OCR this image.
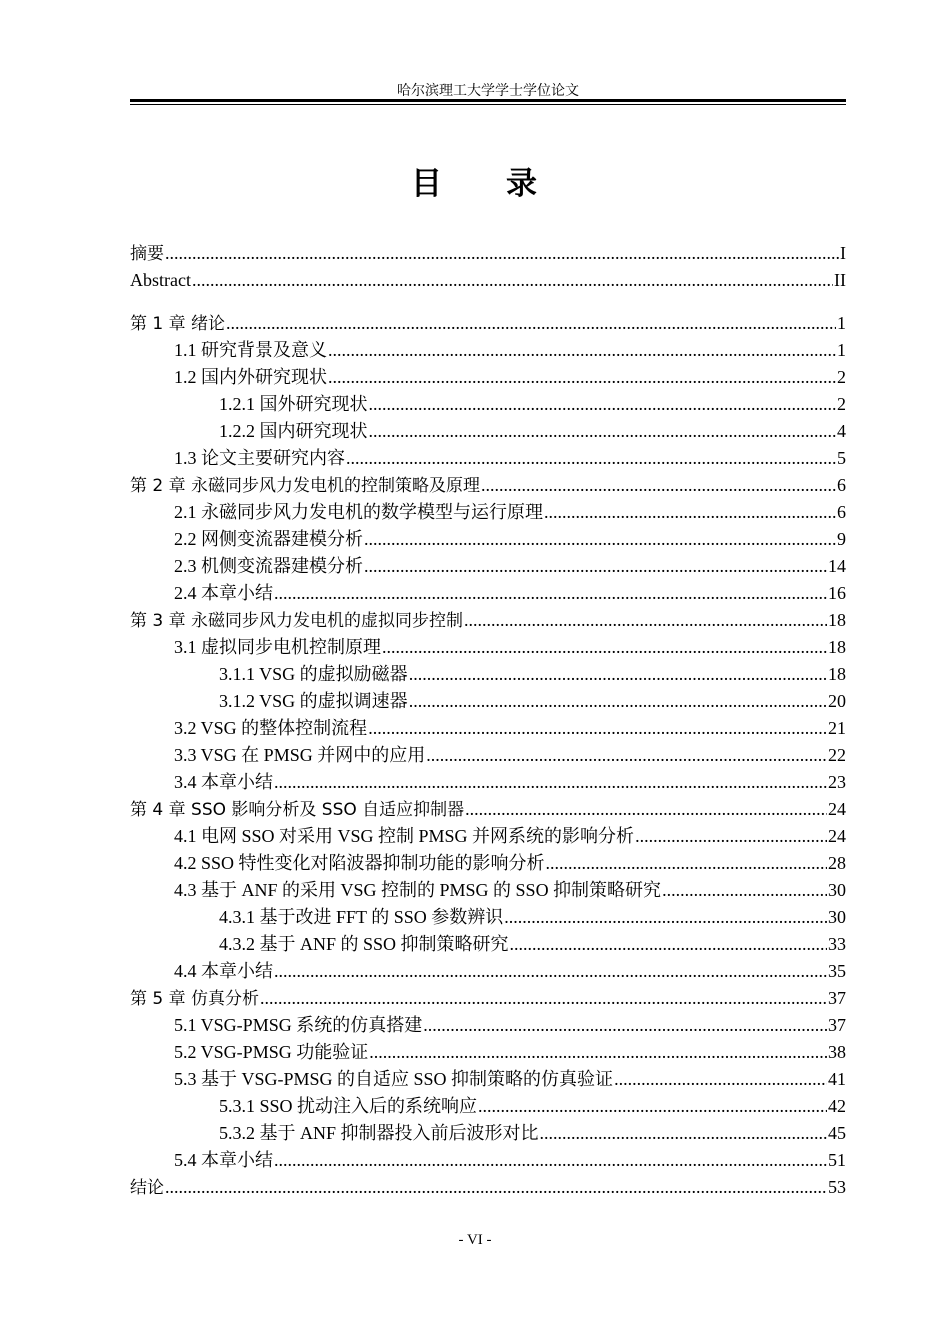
哈尔滨理工大学学士学位论文
目 录
摘要 .....	I
Abstract .....	II
第 1 章 绪论 .....	1
1.1 研究背景及意义 .....	1
1.2 国内外研究现状 .....	2
1.2.1 国外研究现状 .....	2
1.2.2 国内研究现状 .....	4
1.3 论文主要研究内容 .....	5
第 2 章 永磁同步风力发电机的控制策略及原理 .....	6
2.1 永磁同步风力发电机的数学模型与运行原理 .....	6
2.2 网侧变流器建模分析 .....	9
2.3 机侧变流器建模分析 .....	14
2.4 本章小结 .....	16
第 3 章 永磁同步风力发电机的虚拟同步控制 .....	18
3.1 虚拟同步电机控制原理 .....	18
3.1.1 VSG 的虚拟励磁器 .....	18
3.1.2 VSG 的虚拟调速器 .....	20
3.2 VSG 的整体控制流程 .....	21
3.3 VSG 在 PMSG 并网中的应用 .....	22
3.4 本章小结 .....	23
第 4 章 SSO 影响分析及 SSO 自适应抑制器 .....	24
4.1 电网 SSO 对采用 VSG 控制 PMSG 并网系统的影响分析 .....	24
4.2 SSO 特性变化对陷波器抑制功能的影响分析 .....	28
4.3 基于 ANF 的采用 VSG 控制的 PMSG 的 SSO 抑制策略研究 .....	30
4.3.1 基于改进 FFT 的 SSO 参数辨识 .....	30
4.3.2 基于 ANF 的 SSO 抑制策略研究 .....	33
4.4 本章小结 .....	35
第 5 章 仿真分析 .....	37
5.1 VSG-PMSG 系统的仿真搭建 .....	37
5.2 VSG-PMSG 功能验证 .....	38
5.3 基于 VSG-PMSG 的自适应 SSO 抑制策略的仿真验证 .....	41
5.3.1 SSO 扰动注入后的系统响应 .....	42
5.3.2 基于 ANF 抑制器投入前后波形对比 .....	45
5.4 本章小结 .....	51
结论 .....	53
- VI -
